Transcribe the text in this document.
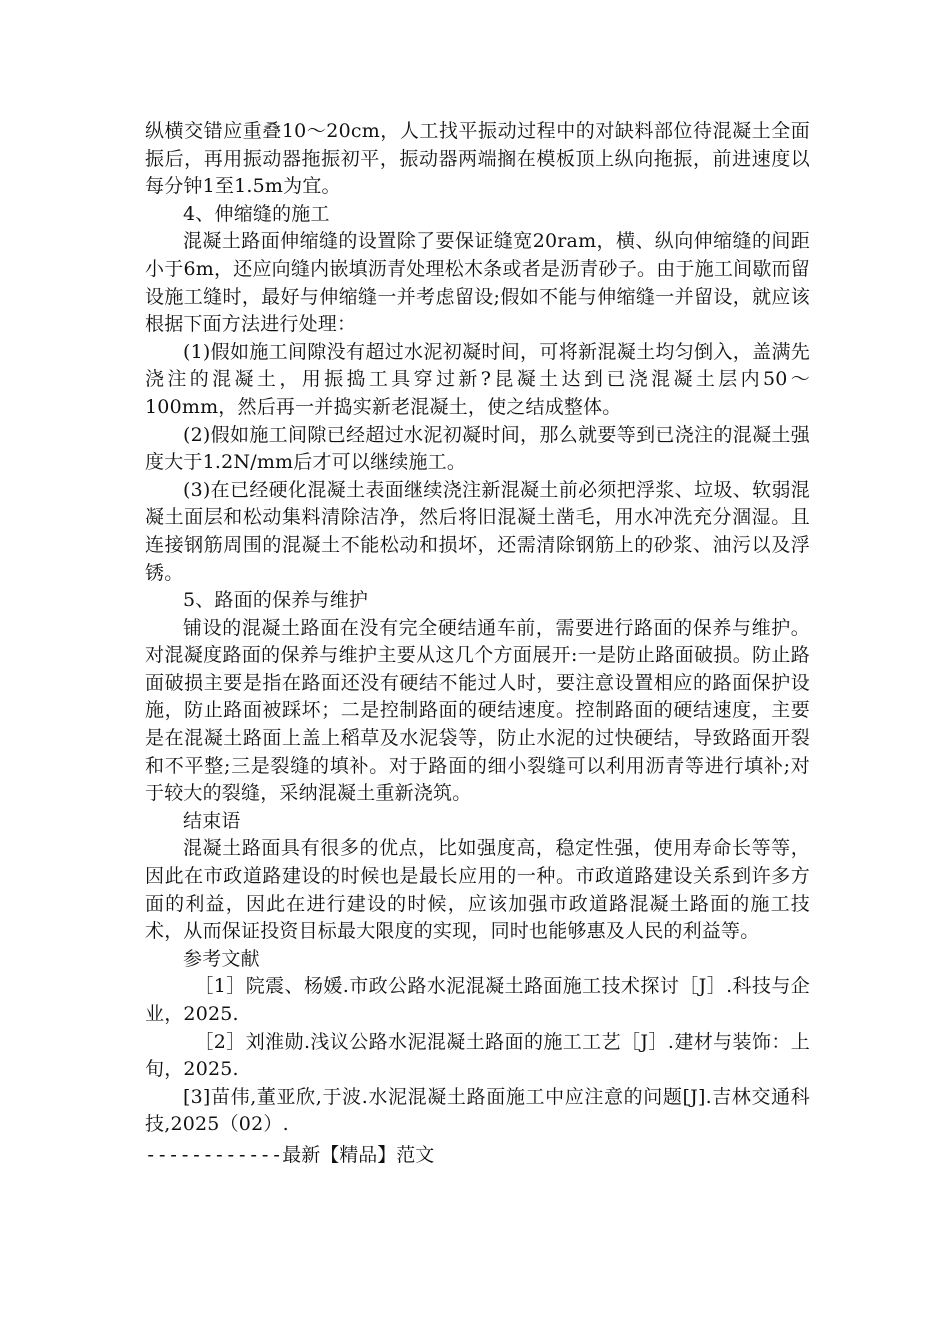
纵横交错应重叠10～20cm，人工找平振动过程中的对缺料部位待混凝土全面振后，再用振动器拖振初平，振动器两端搁在模板顶上纵向拖振，前进速度以每分钟1至1.5m为宜。

4、伸缩缝的施工

混凝土路面伸缩缝的设置除了要保证缝宽20ram，横、纵向伸缩缝的间距小于6m，还应向缝内嵌填沥青处理松木条或者是沥青砂子。由于施工间歇而留设施工缝时，最好与伸缩缝一并考虑留设;假如不能与伸缩缝一并留设，就应该根据下面方法进行处理：

(1)假如施工间隙没有超过水泥初凝时间，可将新混凝土均匀倒入，盖满先浇注的混凝土，用振捣工具穿过新?昆凝土达到已浇混凝土层内50～100mm，然后再一并捣实新老混凝土，使之结成整体。

(2)假如施工间隙已经超过水泥初凝时间，那么就要等到已浇注的混凝土强度大于1.2N/mm后才可以继续施工。

(3)在已经硬化混凝土表面继续浇注新混凝土前必须把浮浆、垃圾、软弱混凝土面层和松动集料清除洁净，然后将旧混凝土凿毛，用水冲洗充分涸湿。且连接钢筋周围的混凝土不能松动和损坏，还需清除钢筋上的砂浆、油污以及浮锈。

5、路面的保养与维护

铺设的混凝土路面在没有完全硬结通车前，需要进行路面的保养与维护。对混凝度路面的保养与维护主要从这几个方面展开:一是防止路面破损。防止路面破损主要是指在路面还没有硬结不能过人时，要注意设置相应的路面保护设施，防止路面被踩坏；二是控制路面的硬结速度。控制路面的硬结速度，主要是在混凝土路面上盖上稻草及水泥袋等，防止水泥的过快硬结，导致路面开裂和不平整;三是裂缝的填补。对于路面的细小裂缝可以利用沥青等进行填补;对于较大的裂缝，采纳混凝土重新浇筑。

结束语

混凝土路面具有很多的优点，比如强度高，稳定性强，使用寿命长等等，因此在市政道路建设的时候也是最长应用的一种。市政道路建设关系到许多方面的利益，因此在进行建设的时候，应该加强市政道路混凝土路面的施工技术，从而保证投资目标最大限度的实现，同时也能够惠及人民的利益等。

参考文献

［1］院震、杨媛.市政公路水泥混凝土路面施工技术探讨［J］.科技与企业，2025.

［2］刘淮勋.浅议公路水泥混凝土路面的施工工艺［J］.建材与装饰：上旬，2025.

[3]苗伟,董亚欣,于波.水泥混凝土路面施工中应注意的问题[J].吉林交通科技,2025（02）.

------------最新【精品】范文
